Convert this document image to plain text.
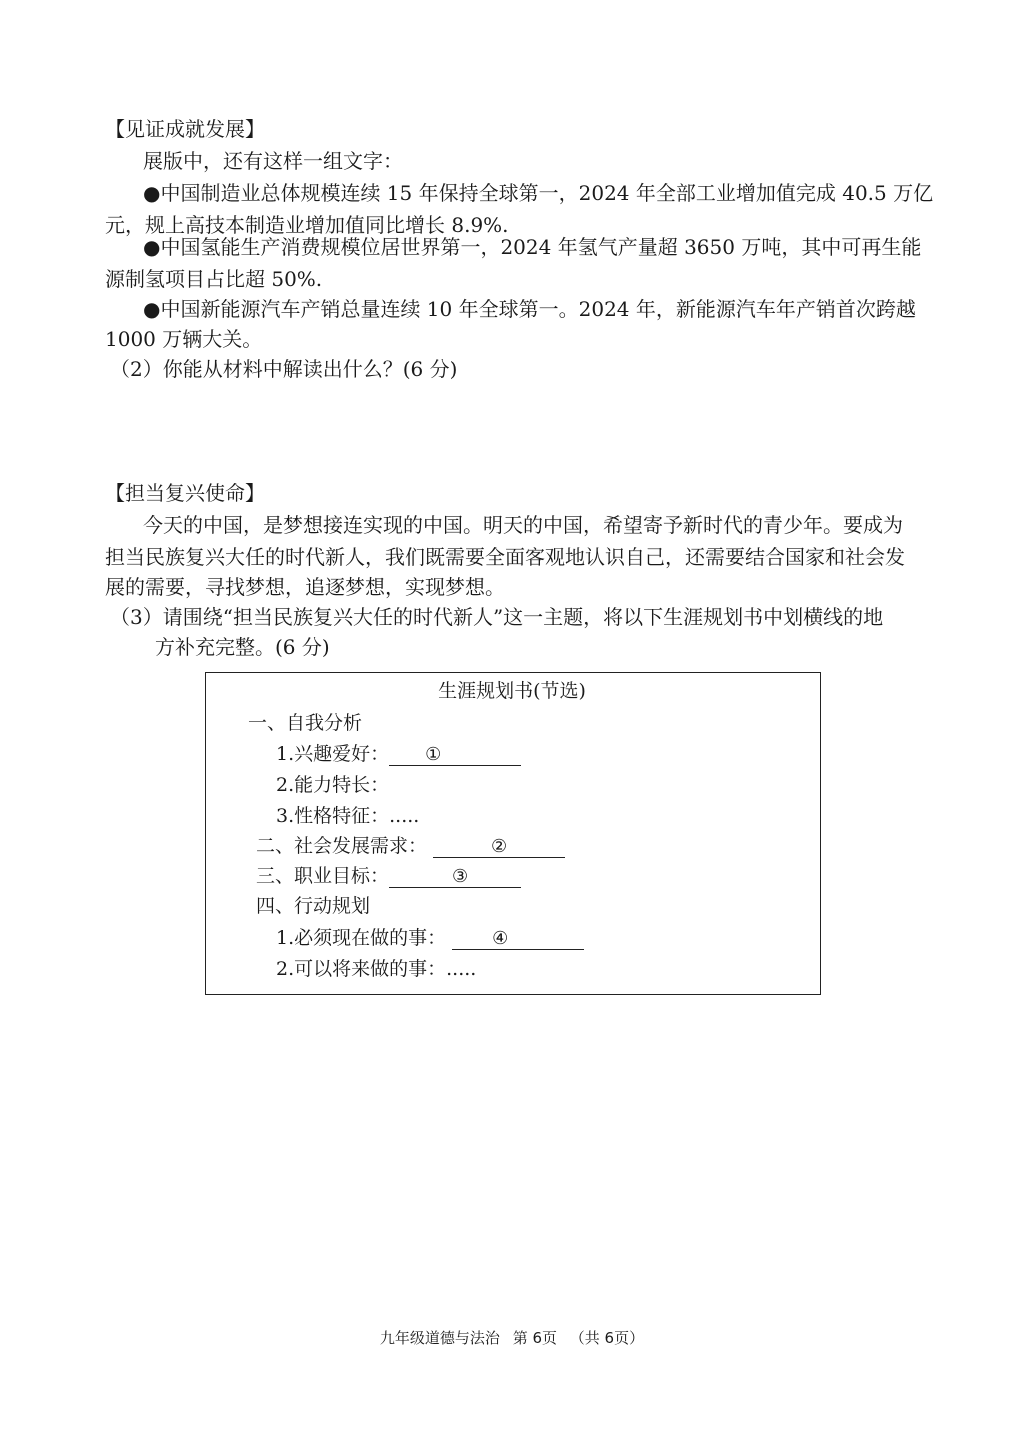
【见证成就发展】
展版中，还有这样一组文字：
●中国制造业总体规模连续 15 年保持全球第一，2024 年全部工业增加值完成 40.5 万亿
元，规上高技本制造业增加值同比增长 8.9%.
●中国氢能生产消费规模位居世界第一，2024 年氢气产量超 3650 万吨，其中可再生能
源制氢项目占比超 50%.
●中国新能源汽车产销总量连续 10 年全球第一。2024 年，新能源汽车年产销首次跨越
1000 万辆大关。
（2）你能从材料中解读出什么？(6 分)
【担当复兴使命】
今天的中国，是梦想接连实现的中国。明天的中国，希望寄予新时代的青少年。要成为
担当民族复兴大任的时代新人，我们既需要全面客观地认识自己，还需要结合国家和社会发
展的需要，寻找梦想，追逐梦想，实现梦想。
（3）请围绕“担当民族复兴大任的时代新人”这一主题，将以下生涯规划书中划横线的地
方补充完整。(6 分)
生涯规划书(节选)
一、自我分析
1.兴趣爱好： ①
2.能力特长：
3.性格特征：.....
二、社会发展需求：	②
三、职业目标：	③
四、行动规划
1.必须现在做的事：	④
2.可以将来做的事：.....
九年级道德与法治 第 6页 （共 6页）
